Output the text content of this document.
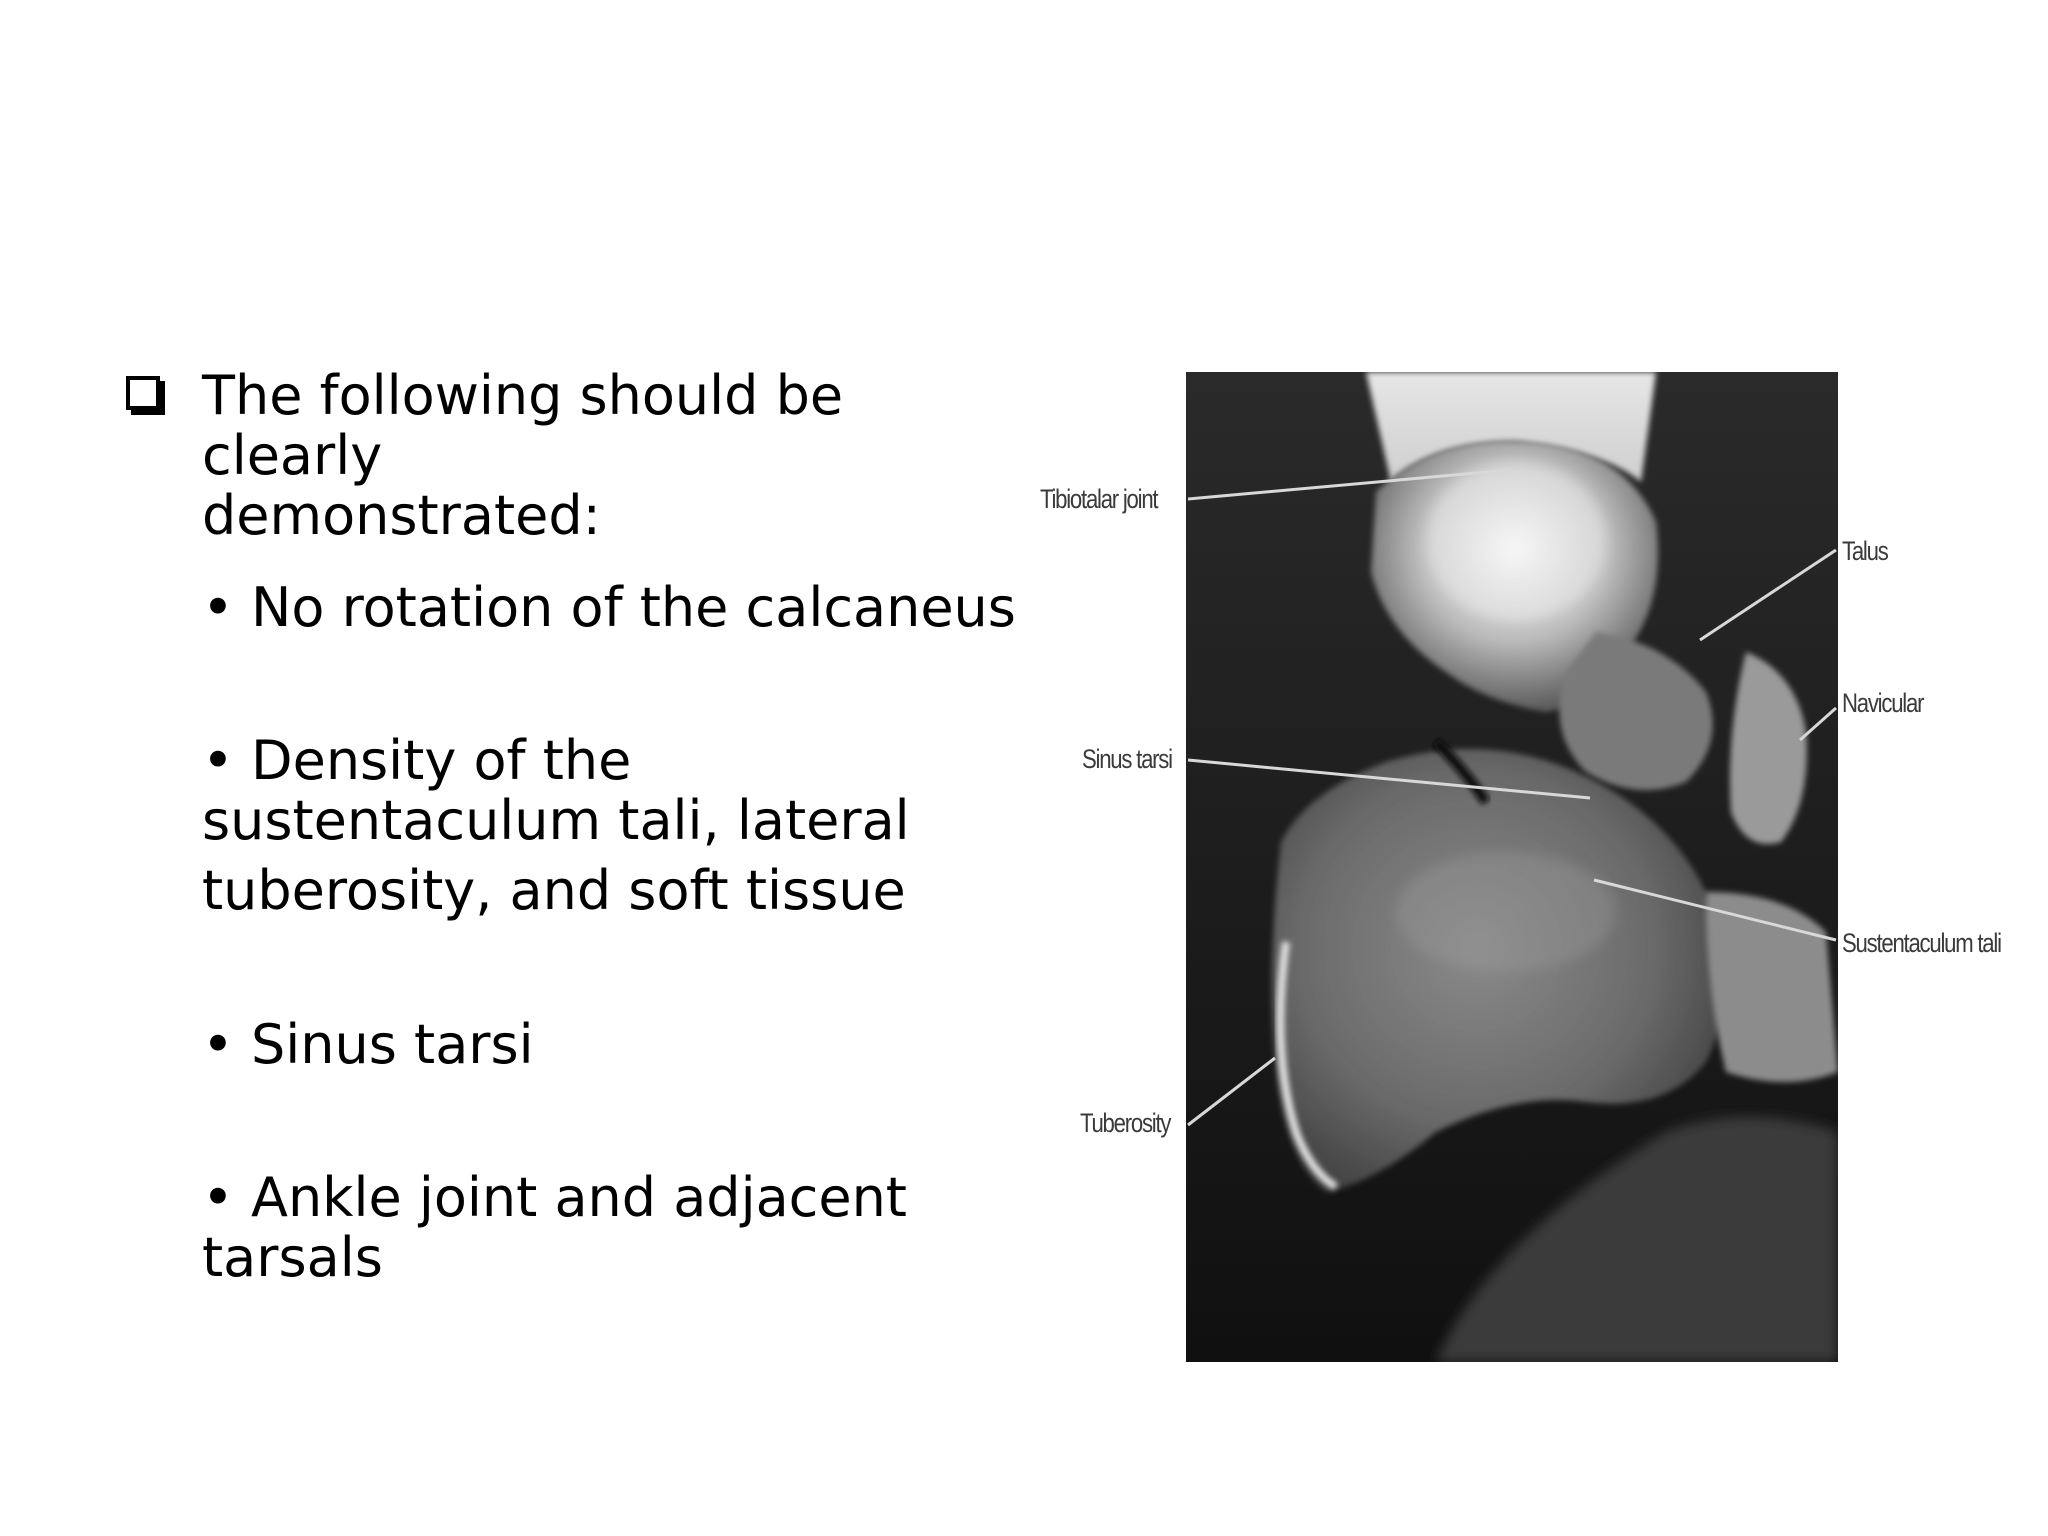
The following should be clearly
demonstrated:
• No rotation of the calcaneus
• Density of the
sustentaculum tali, lateral
tuberosity, and soft tissue
• Sinus tarsi
• Ankle joint and adjacent
tarsals
Tibiotalar joint
Talus
Navicular
Sinus tarsi
Sustentaculum tali
Tuberosity
